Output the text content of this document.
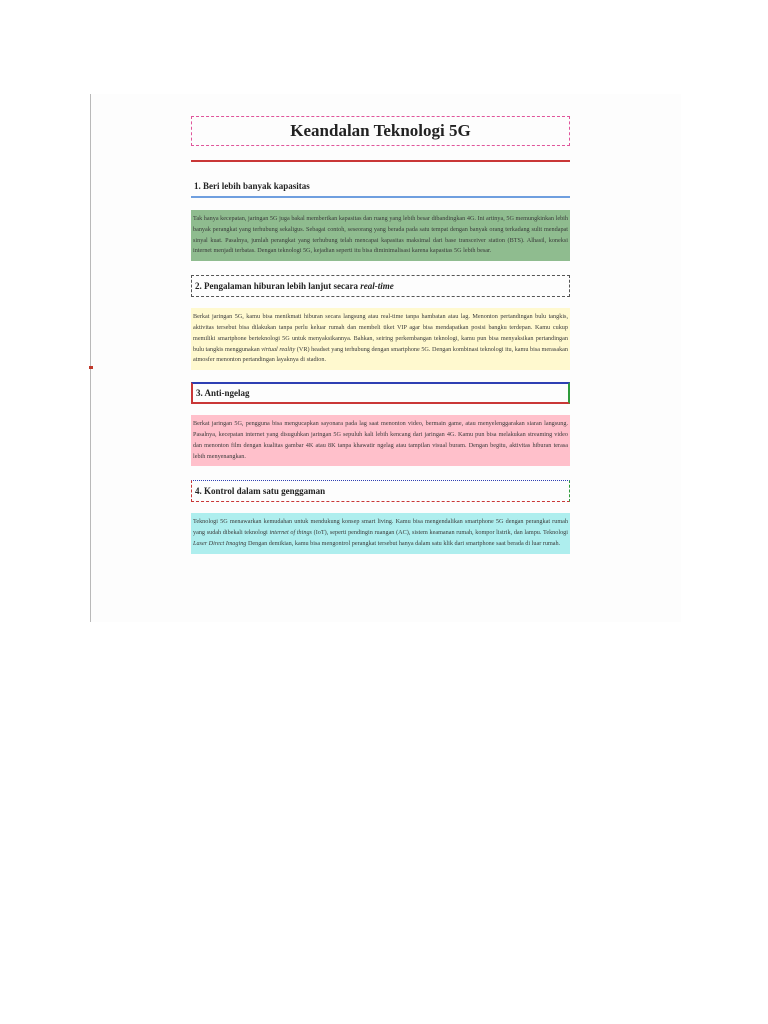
Keandalan Teknologi 5G
1. Beri lebih banyak kapasitas
Tak hanya kecepatan, jaringan 5G juga bakal memberikan kapasitas dan ruang yang lebih besar dibandingkan 4G. Ini artinya, 5G memungkinkan lebih banyak perangkat yang terhubung sekaligus. Sebagai contoh, seseorang yang berada pada satu tempat dengan banyak orang terkadang sulit mendapat sinyal kuat. Pasalnya, jumlah perangkat yang terhubung telah mencapai kapasitas maksimal dari base transceiver station (BTS). Alhasil, koneksi internet menjadi terbatas. Dengan teknologi 5G, kejadian seperti itu bisa diminimalisasi karena kapasitas 5G lebih besar.
2. Pengalaman hiburan lebih lanjut secara real-time
Berkat jaringan 5G, kamu bisa menikmati hiburan secara langsung atau real-time tanpa hambatan atau lag. Menonton pertandingan bulu tangkis, aktivitas tersebut bisa dilakukan tanpa perlu keluar rumah dan membeli tiket VIP agar bisa mendapatkan posisi bangku terdepan. Kamu cukup memiliki smartphone berteknologi 5G untuk menyaksikannya. Bahkan, seiring perkembangan teknologi, kamu pun bisa menyaksikan pertandingan bulu tangkis menggunakan virtual reality (VR) headset yang terhubung dengan smartphone 5G. Dengan kombinasi teknologi itu, kamu bisa merasakan atmosfer menonton pertandingan layaknya di stadion.
3. Anti-ngelag
Berkat jaringan 5G, pengguna bisa mengucapkan sayonara pada lag saat menonton video, bermain game, atau menyelenggarakan siaran langsung. Pasalnya, kecepatan internet yang disuguhkan jaringan 5G sepuluh kali lebih kencang dari jaringan 4G. Kamu pun bisa melakukan streaming video dan menonton film dengan kualitas gambar 4K atau 8K tanpa khawatir ngelag atau tampilan visual buram. Dengan begitu, aktivitas hiburan terasa lebih menyenangkan.
4. Kontrol dalam satu genggaman
Teknologi 5G menawarkan kemudahan untuk mendukung konsep smart living. Kamu bisa mengendalikan smartphone 5G dengan perangkat rumah yang sudah dibekali teknologi internet of things (IoT), seperti pendingin ruangan (AC), sistem keamanan rumah, kompor listrik, dan lampu. Teknologi Laser Direct Imaging Dengan demikian, kamu bisa mengontrol perangkat tersebut hanya dalam satu klik dari smartphone saat berada di luar rumah.
